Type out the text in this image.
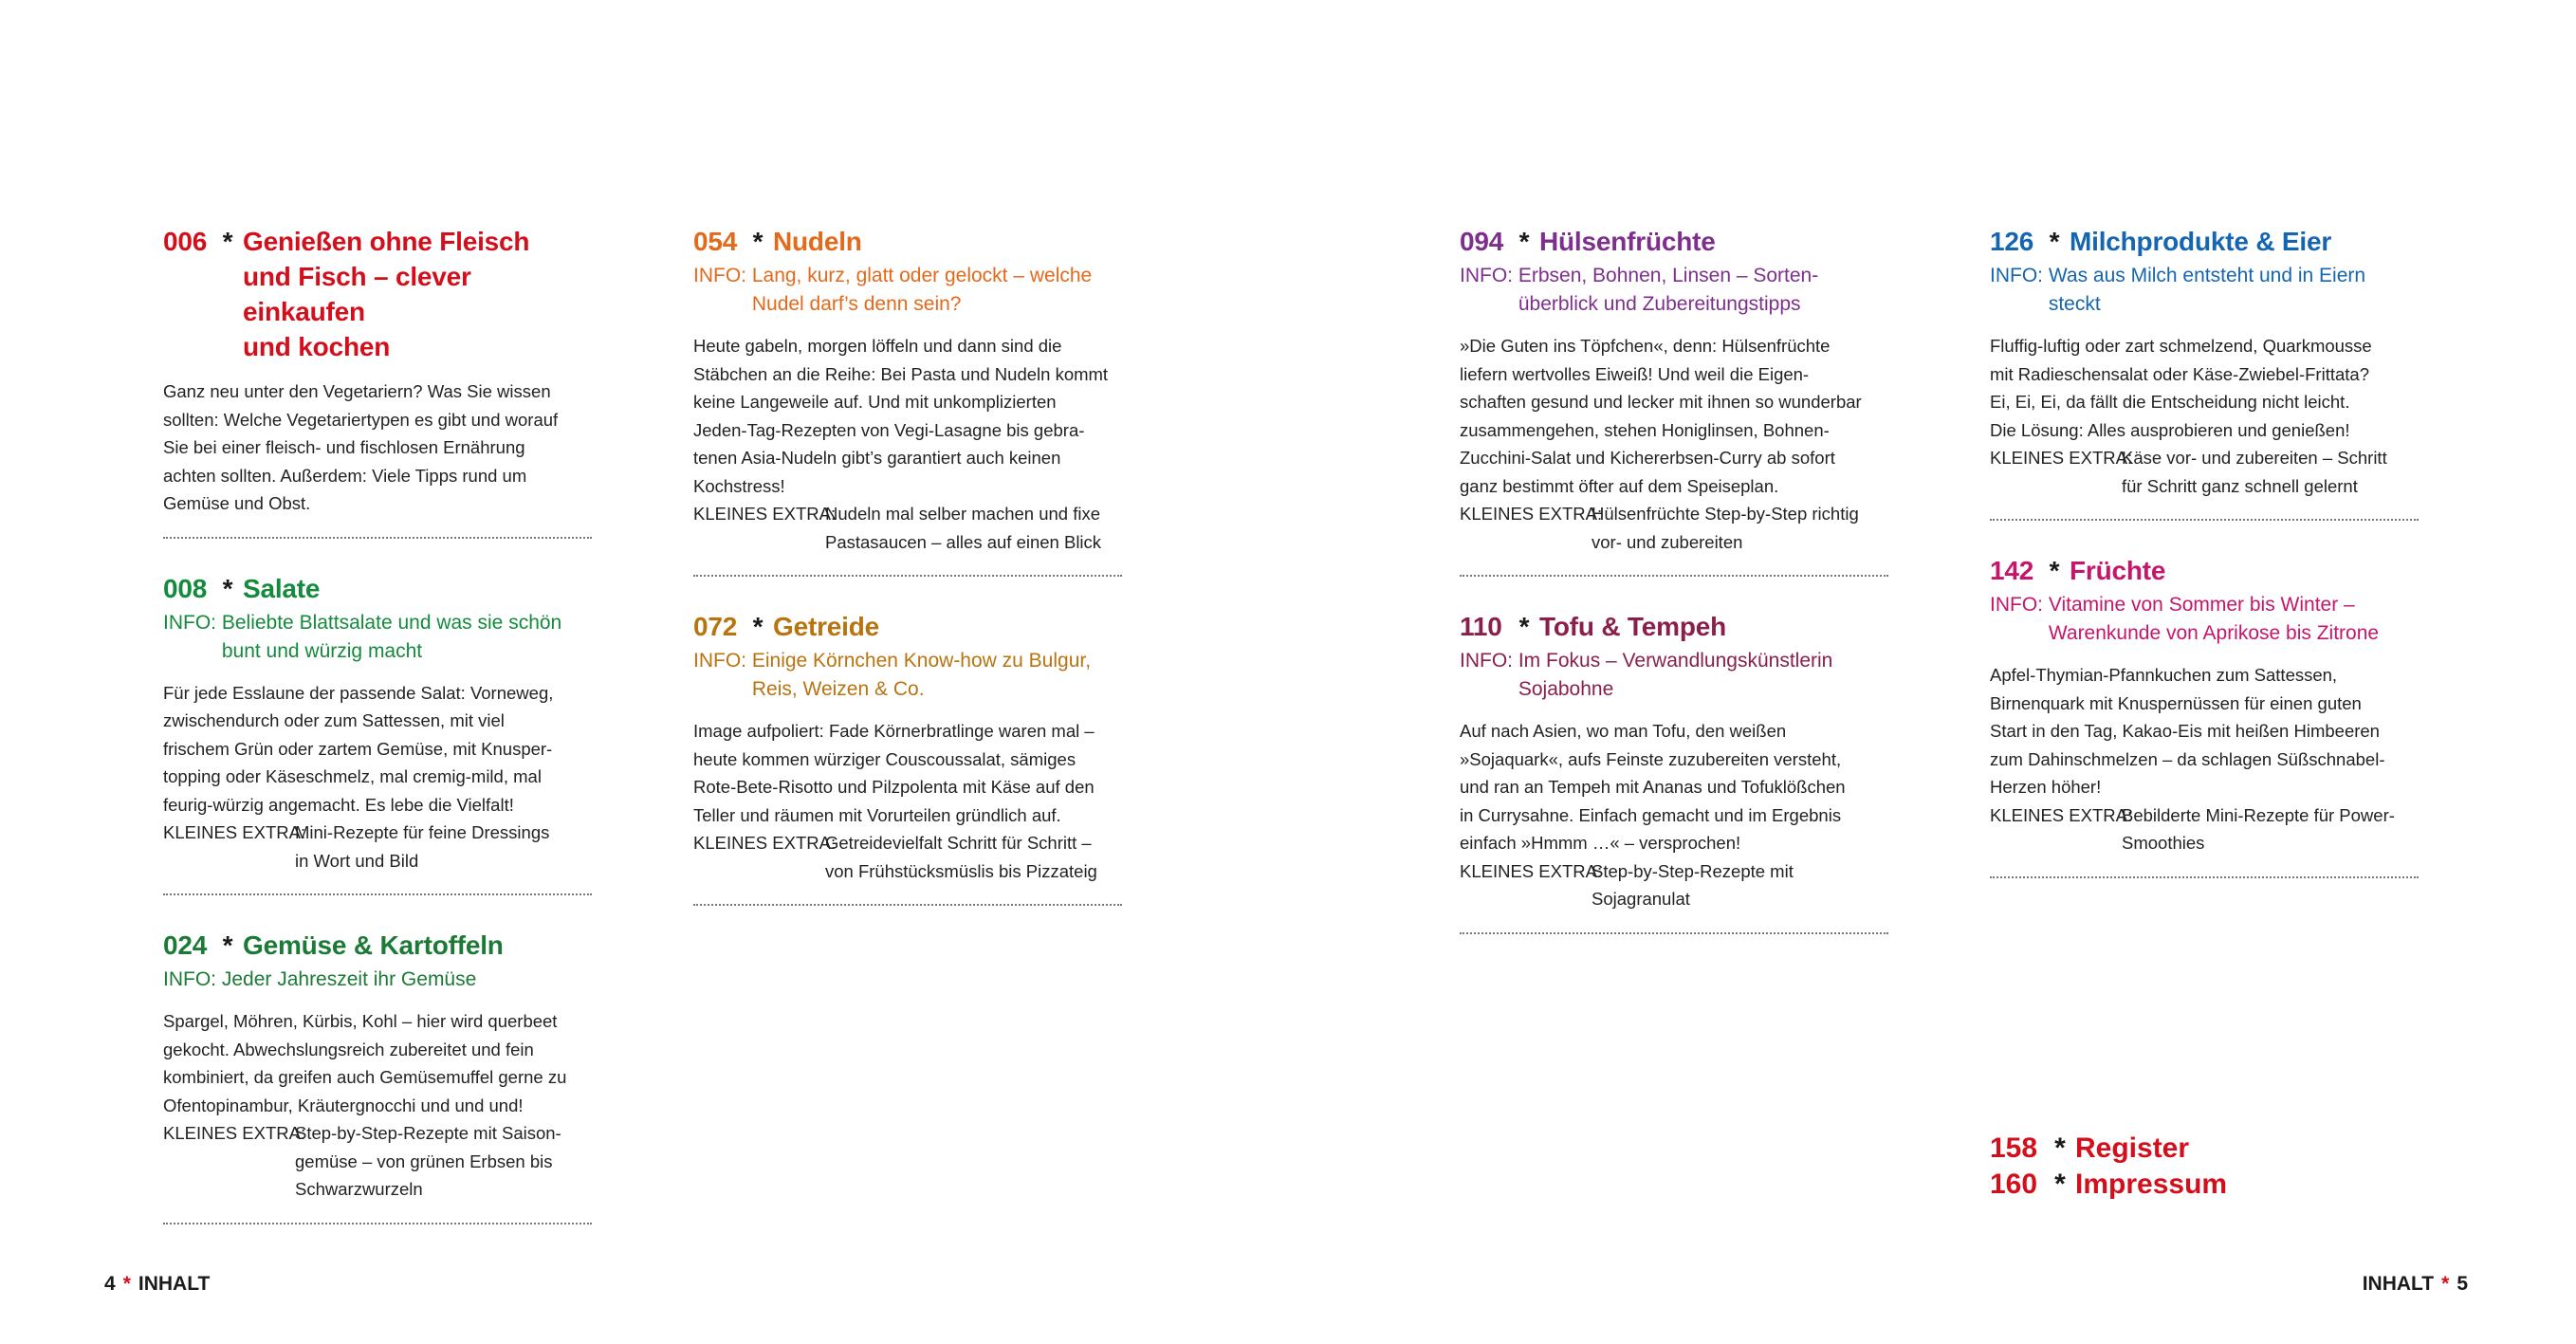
006 * Genießen ohne Fleisch
und Fisch – clever einkaufen
und kochen
Ganz neu unter den Vegetariern? Was Sie wissen
sollten: Welche Vegetariertypen es gibt und worauf
Sie bei einer fleisch- und fischlosen Ernährung
achten sollten. Außerdem: Viele Tipps rund um
Gemüse und Obst.
008 * Salate
INFO: Beliebte Blattsalate und was sie schön
bunt und würzig macht
Für jede Esslaune der passende Salat: Vorneweg,
zwischendurch oder zum Sattessen, mit viel
frischem Grün oder zartem Gemüse, mit Knusper-
topping oder Käseschmelz, mal cremig-mild, mal
feurig-würzig angemacht. Es lebe die Vielfalt!
KLEINES EXTRA:
Mini-Rezepte für feine Dressings
in Wort und Bild
024 * Gemüse & Kartoffeln
INFO: Jeder Jahreszeit ihr Gemüse
Spargel, Möhren, Kürbis, Kohl – hier wird querbeet
gekocht. Abwechslungsreich zubereitet und fein
kombiniert, da greifen auch Gemüsemuffel gerne zu
Ofentopinambur, Kräutergnocchi und und und!
KLEINES EXTRA:
Step-by-Step-Rezepte mit Saison-
gemüse – von grünen Erbsen bis
Schwarzwurzeln
054 * Nudeln
INFO: Lang, kurz, glatt oder gelockt – welche
Nudel darf’s denn sein?
Heute gabeln, morgen löffeln und dann sind die
Stäbchen an die Reihe: Bei Pasta und Nudeln kommt
keine Langeweile auf. Und mit unkomplizierten
Jeden-Tag-Rezepten von Vegi-Lasagne bis gebra-
tenen Asia-Nudeln gibt’s garantiert auch keinen
Kochstress!
KLEINES EXTRA:
Nudeln mal selber machen und fixe
Pastasaucen – alles auf einen Blick
072 * Getreide
INFO: Einige Körnchen Know-how zu Bulgur,
Reis, Weizen & Co.
Image aufpoliert: Fade Körnerbratlinge waren mal –
heute kommen würziger Couscoussalat, sämiges
Rote-Bete-Risotto und Pilzpolenta mit Käse auf den
Teller und räumen mit Vorurteilen gründlich auf.
KLEINES EXTRA:
Getreidevielfalt Schritt für Schritt –
von Frühstücksmüslis bis Pizzateig
094 * Hülsenfrüchte
INFO: Erbsen, Bohnen, Linsen – Sorten-
überblick und Zubereitungstipps
»Die Guten ins Töpfchen«, denn: Hülsenfrüchte
liefern wertvolles Eiweiß! Und weil die Eigen-
schaften gesund und lecker mit ihnen so wunderbar
zusammengehen, stehen Honiglinsen, Bohnen-
Zucchini-Salat und Kichererbsen-Curry ab sofort
ganz bestimmt öfter auf dem Speiseplan.
KLEINES EXTRA:
Hülsenfrüchte Step-by-Step richtig
vor- und zubereiten
110 * Tofu & Tempeh
INFO: Im Fokus – Verwandlungskünstlerin
Sojabohne
Auf nach Asien, wo man Tofu, den weißen
»Sojaquark«, aufs Feinste zuzubereiten versteht,
und ran an Tempeh mit Ananas und Tofuklößchen
in Currysahne. Einfach gemacht und im Ergebnis
einfach »Hmmm …« – versprochen!
KLEINES EXTRA:
Step-by-Step-Rezepte mit
Sojagranulat
126 * Milchprodukte & Eier
INFO: Was aus Milch entsteht und in Eiern steckt
Fluffig-luftig oder zart schmelzend, Quarkmousse
mit Radieschensalat oder Käse-Zwiebel-Frittata?
Ei, Ei, Ei, da fällt die Entscheidung nicht leicht.
Die Lösung: Alles ausprobieren und genießen!
KLEINES EXTRA:
Käse vor- und zubereiten – Schritt
für Schritt ganz schnell gelernt
142 * Früchte
INFO: Vitamine von Sommer bis Winter –
Warenkunde von Aprikose bis Zitrone
Apfel-Thymian-Pfannkuchen zum Sattessen,
Birnenquark mit Knuspernüssen für einen guten
Start in den Tag, Kakao-Eis mit heißen Himbeeren
zum Dahinschmelzen – da schlagen Süßschnabel-
Herzen höher!
KLEINES EXTRA:
Bebilderte Mini-Rezepte für Power-
Smoothies
158 * Register
160 * Impressum
4 * INHALT	INHALT * 5
